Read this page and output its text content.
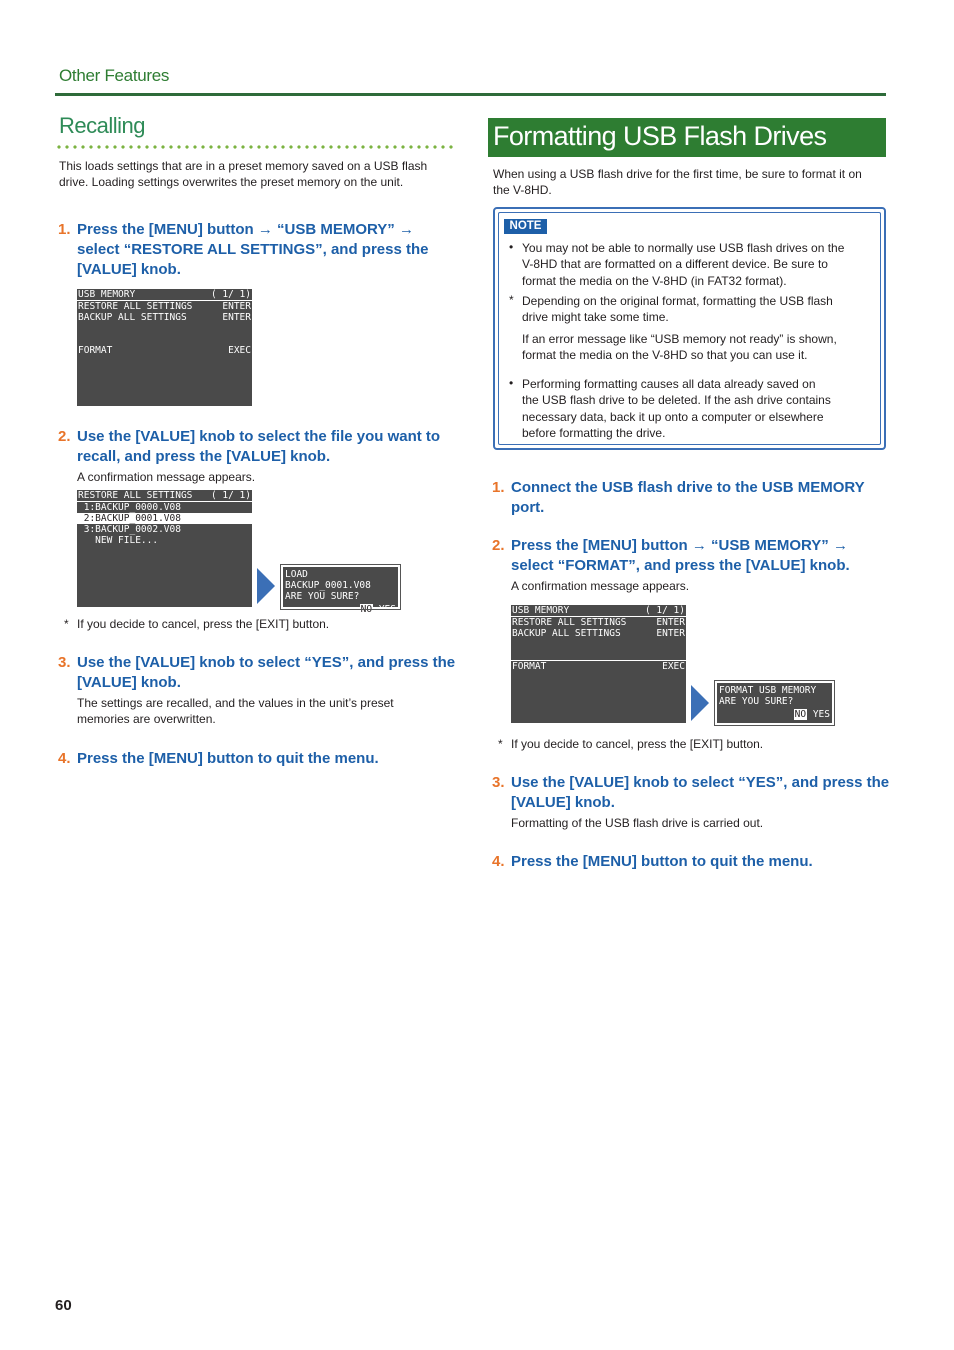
Other Features
Recalling
This loads settings that are in a preset memory saved on a USB flash
drive. Loading settings overwrites the preset memory on the unit.
1. Press the [MENU] button → “USB MEMORY” →
select “RESTORE ALL SETTINGS”, and press the
[VALUE] knob.
USB MEMORY	( 1/ 1)
RESTORE ALL SETTINGS	ENTER
BACKUP ALL SETTINGS	ENTER
FORMAT	EXEC
2. Use the [VALUE] knob to select the file you want to
recall, and press the [VALUE] knob.
A confirmation message appears.
RESTORE ALL SETTINGS ( 1/ 1)
1:BACKUP_0000.V08
2:BACKUP_0001.V08
3:BACKUP_0002.V08
NEW FILE...
LOAD BACKUP_0001.V08
ARE YOU SURE?
NO YES
* If you decide to cancel, press the [EXIT] button.
3. Use the [VALUE] knob to select “YES”, and press the
[VALUE] knob.
The settings are recalled, and the values in the unit’s preset
memories are overwritten.
4. Press the [MENU] button to quit the menu.
Formatting USB Flash Drives
When using a USB flash drive for the first time, be sure to format it on
the V-8HD.
NOTE
• You may not be able to normally use USB flash drives on the
V-8HD that are formatted on a different device. Be sure to
format the media on the V-8HD (in FAT32 format).
* Depending on the original format, formatting the USB flash
drive might take some time.
If an error message like “USB memory not ready” is shown,
format the media on the V-8HD so that you can use it.
• Performing formatting causes all data already saved on
the USB flash drive to be deleted. If the ash drive contains
necessary data, back it up onto a computer or elsewhere
before formatting the drive.
1. Connect the USB flash drive to the USB MEMORY
port.
2. Press the [MENU] button → “USB MEMORY” →
select “FORMAT”, and press the [VALUE] knob.
A confirmation message appears.
USB MEMORY	( 1/ 1)
RESTORE ALL SETTINGS	ENTER
BACKUP ALL SETTINGS	ENTER
FORMAT	EXEC
FORMAT USB MEMORY
ARE YOU SURE?
NO YES
* If you decide to cancel, press the [EXIT] button.
3. Use the [VALUE] knob to select “YES”, and press the
[VALUE] knob.
Formatting of the USB flash drive is carried out.
4. Press the [MENU] button to quit the menu.
60
